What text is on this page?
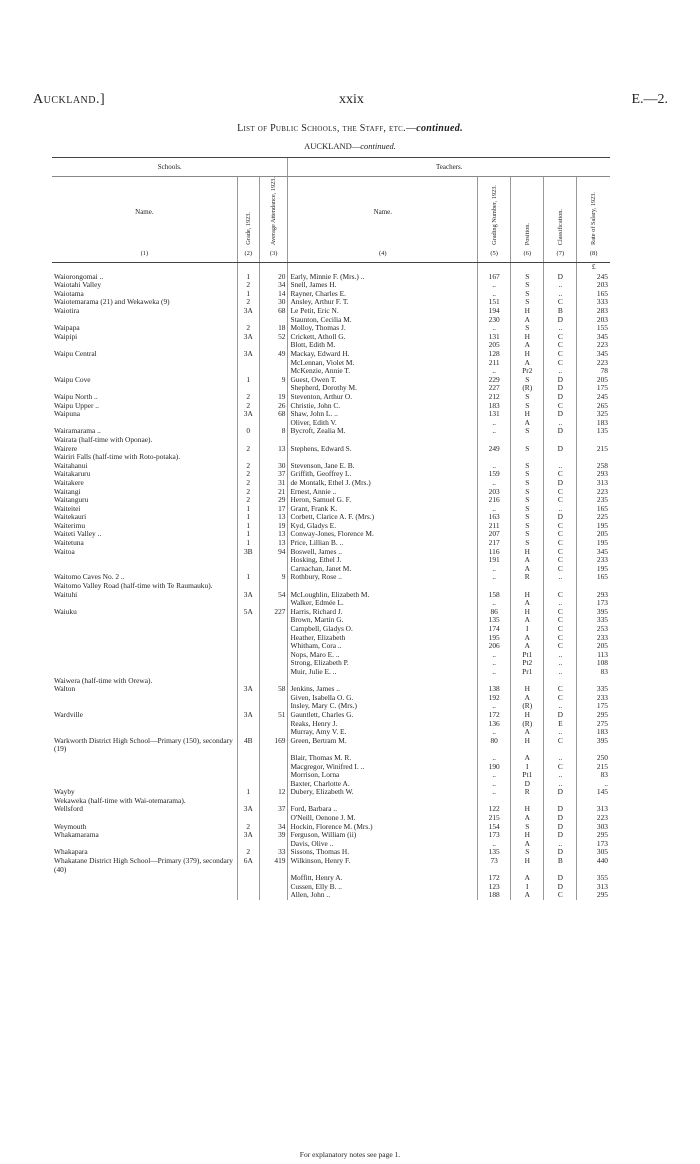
Auckland.]	xxix	E.—2.
List of Public Schools, the Staff, etc.—continued.
AUCKLAND—continued.
Schools.			Teachers.				
Name.	Grade, 1923.	Average Attendance, 1923.	Name.	Grading Number, 1923.	Position.	Classification.	Rate of Salary, 1923.
(1)	(2)	(3)	(4)	(5)	(6)	(7)	(8)
							£
Waiorongomai ..	1	20	Early, Minnie F. (Mrs.) ..	167	S	D	245
Waiotahi Valley	2	34	Snell, James H.	..	S	..	203
Waiotama	1	14	Rayner, Charles E.	..	S	..	165
Waiotemarama (21) and Wekaweka (9)	2	30	Ansley, Arthur F. T.	151	S	C	333
Waiotira	3A	68	Le Petit, Eric N.	194	H	B	283
			Staunton, Cecilia M.	230	A	D	203
Waipapa	2	18	Molloy, Thomas J.	..	S	..	155
Waipipi	3A	52	Crickett, Atholl G.	131	H	C	345
			Blott, Edith M.	205	A	C	223
Waipu Central	3A	49	Mackay, Edward H.	128	H	C	345
			McLennan, Violet M.	211	A	C	223
			McKenzie, Annie T.	..	Pr2	..	78
Waipu Cove	1	9	Guest, Owen T.	229	S	D	205
			Shepherd, Dorothy M.	227	(R)	D	175
Waipu North ..	2	19	Steventon, Arthur O.	212	S	D	245
Waipu Upper ..	2	26	Christie, John C.	183	S	C	265
Waipuna	3A	68	Shaw, John L. ..	131	H	D	325
			Oliver, Edith V.	..	A	..	183
Wairamarama ..	0	8	Bycroft, Zealia M.	..	S	D	135
Wairata (half-time with Oponae).							
Wairere	2	13	Stephens, Edward S.	249	S	D	215
Wairiri Falls (half-time with Roto-potaka).							
Waitahanui	2	30	Stevenson, Jane E. B.	..	S	..	258
Waitakaruru	2	37	Griffith, Geoffrey L.	159	S	C	293
Waitakere	2	31	de Montalk, Ethel J. (Mrs.)	..	S	D	313
Waitangi	2	21	Ernest, Annie ..	203	S	C	223
Waitanguru	2	29	Heron, Samuel G. F.	216	S	C	235
Waiteitei	1	17	Grant, Frank K.	..	S	..	165
Waitekauri	1	13	Corbett, Clarice A. F. (Mrs.)	163	S	D	225
Waiterimu	1	19	Kyd, Gladys E.	211	S	C	195
Waiteti Valley ..	1	13	Conway-Jones, Florence M.	207	S	C	205
Waitetuna	1	13	Price, Lillian B. ..	217	S	C	195
Waitoa	3B	94	Boswell, James ..	116	H	C	345
			Hosking, Ethel J.	191	A	C	233
			Carnachan, Janet M.	..	A	C	195
Waitomo Caves No. 2 ..	1	9	Rothbury, Rose ..	..	R	..	165
Waitomo Valley Road (half-time with Te Raumauku).							
Waituhi	3A	54	McLoughlin, Elizabeth M.	158	H	C	293
			Walker, Edmée L.	..	A	..	173
Waiuku	5A	227	Harris, Richard J.	86	H	C	395
			Brown, Martin G.	135	A	C	335
			Campbell, Gladys O.	174	I	C	253
			Heather, Elizabeth	195	A	C	233
			Whitham, Cora ..	206	A	C	205
			Nops, Maro E. ..	..	Pt1	..	113
			Strong, Elizabeth P.	..	Pt2	..	108
			Muir, Julie E. ..	..	Pr1	..	83
Waiwera (half-time with Orewa).							
Walton	3A	58	Jenkins, James ..	138	H	C	335
			Given, Isabella O. G.	192	A	C	233
			Insley, Mary C. (Mrs.)	..	(R)	..	175
Wardville	3A	51	Gauntlett, Charles G.	172	H	D	295
			Reaks, Henry J.	136	(R)	E	275
			Murray, Amy V. E.	..	A	..	183
Warkworth District High School—Primary (150), secondary (19)	4B	169	Green, Bertram M.	80	H	C	395
			Blair, Thomas M. R.	..	A	..	250
			Macgregor, Winifred I. ..	190	I	C	215
			Morrison, Lorna	..	Pt1	..	83
			Baxter, Charlotte A.	..	D	..	..
Wayby	1	12	Dubery, Elizabeth W.	..	R	D	145
Wekaweka (half-time with Wai-otemarama).							
Wellsford	3A	37	Ford, Barbara ..	122	H	D	313
			O'Neill, Oenone J. M.	215	A	D	223
Weymouth	2	34	Hockin, Florence M. (Mrs.)	154	S	D	303
Whakamarama	3A	39	Ferguson, William (ii)	173	H	D	295
			Davis, Olive ..	..	A	..	173
Whakapara	2	33	Sissons, Thomas H.	135	S	D	305
Whakatane District High School—Primary (379), secondary (40)	6A	419	Wilkinson, Henry F.	73	H	B	440
			Moffitt, Henry A.	172	A	D	355
			Cussen, Elly B. ..	123	I	D	313
			Allen, John ..	188	A	C	295
For explanatory notes see page 1.
